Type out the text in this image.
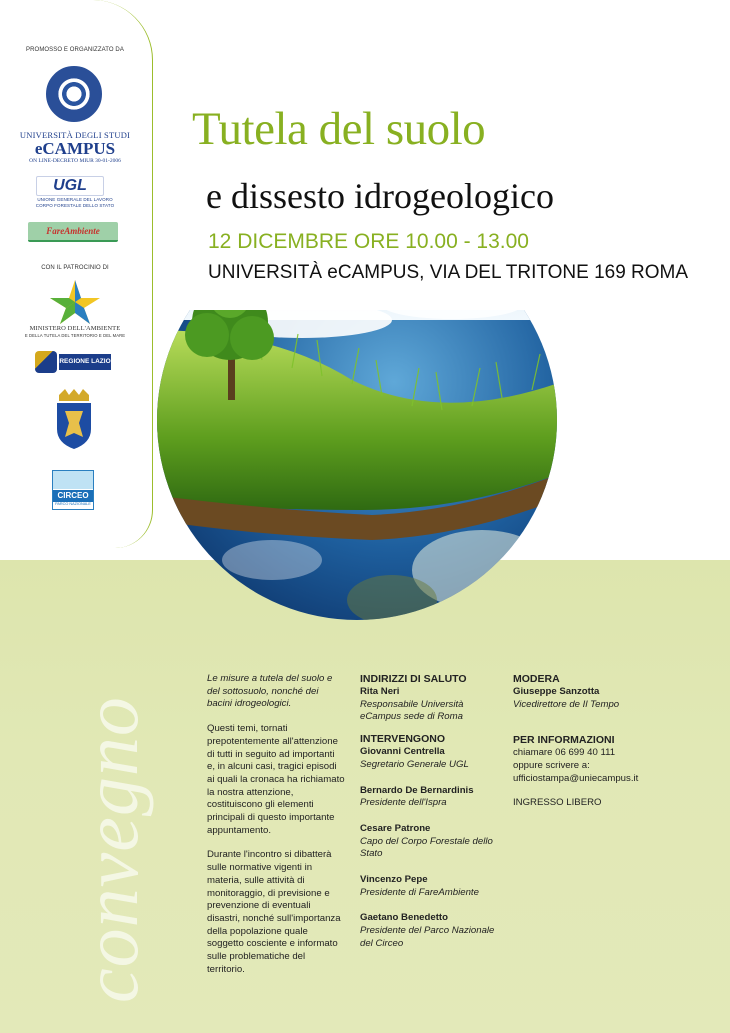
convegno
PROMOSSO E ORGANIZZATO DA
UNIVERSITÀ DEGLI STUDI
eCAMPUS
ON LINE-DECRETO MIUR 30-01-2006
UGL
UNIONE GENERALE DEL LAVORO
CORPO FORESTALE DELLO STATO
FareAmbiente
CON IL PATROCINIO DI
MINISTERO DELL'AMBIENTE
E DELLA TUTELA DEL TERRITORIO E DEL MARE
REGIONE LAZIO
CIRCEO
PARCO NAZIONALE
Tutela del suolo
e dissesto idrogeologico
12 DICEMBRE ORE 10.00 - 13.00
UNIVERSITÀ eCAMPUS, VIA DEL TRITONE 169 ROMA

Le misure a tutela del suolo e del sottosuolo, nonché dei bacini idrogeologici.

Questi temi, tornati prepotentemente all'attenzione di tutti in seguito ad importanti e, in alcuni casi, tragici episodi ai quali la cronaca ha richiamato la nostra attenzione, costituiscono gli elementi principali di questo importante appuntamento.

Durante l'incontro si dibatterà sulle normative vigenti in materia, sulle attività di monitoraggio, di previsione e prevenzione di eventuali disastri, nonché sull'importanza della popolazione quale soggetto cosciente e informato sulle problematiche del territorio.

INDIRIZZI DI SALUTO
Rita Neri
Responsabile Università eCampus sede di Roma
INTERVENGONO
Giovanni Centrella
Segretario Generale UGL
Bernardo De Bernardinis
Presidente dell'Ispra
Cesare Patrone
Capo del Corpo Forestale dello Stato
Vincenzo Pepe
Presidente di FareAmbiente
Gaetano Benedetto
Presidente del Parco Nazionale del Circeo
MODERA
Giuseppe Sanzotta
Vicedirettore de Il Tempo
PER INFORMAZIONI
chiamare 06 699 40 111
oppure scrivere a:
ufficiostampa@uniecampus.it
INGRESSO LIBERO
